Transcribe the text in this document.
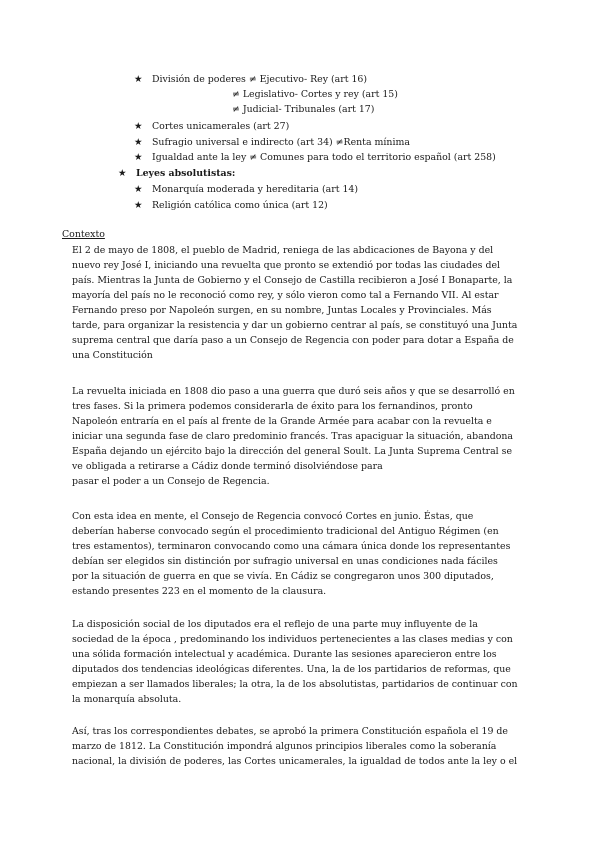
★ División de poderes ≠ Ejecutivo- Rey (art 16)
≠ Legislativo- Cortes y rey (art 15)
≠ Judicial- Tribunales (art 17)
★ Cortes unicamerales (art 27)
★ Sufragio universal e indirecto (art 34) ≠Renta mínima
★ Igualdad ante la ley ≠ Comunes para todo el territorio español (art 258)
★ Leyes absolutistas:
★ Monarquía moderada y hereditaria (art 14)
★ Religión católica como única (art 12)
Contexto
El 2 de mayo de 1808, el pueblo de Madrid, reniega de las abdicaciones de Bayona y del
nuevo rey José I, iniciando una revuelta que pronto se extendió por todas las ciudades del
país. Mientras la Junta de Gobierno y el Consejo de Castilla recibieron a José I Bonaparte, la
mayoría del país no le reconoció como rey, y sólo vieron como tal a Fernando VII. Al estar
Fernando preso por Napoleón surgen, en su nombre, Juntas Locales y Provinciales. Más
tarde, para organizar la resistencia y dar un gobierno centrar al país, se constituyó una Junta
suprema central que daría paso a un Consejo de Regencia con poder para dotar a España de
una Constitución
La revuelta iniciada en 1808 dio paso a una guerra que duró seis años y que se desarrolló en
tres fases. Si la primera podemos considerarla de éxito para los fernandinos, pronto
Napoleón entraría en el país al frente de la Grande Armée para acabar con la revuelta e
iniciar una segunda fase de claro predominio francés. Tras apaciguar la situación, abandona
España dejando un ejército bajo la dirección del general Soult. La Junta Suprema Central se
ve obligada a retirarse a Cádiz donde terminó disolviéndose para
pasar el poder a un Consejo de Regencia.
Con esta idea en mente, el Consejo de Regencia convocó Cortes en junio. Éstas, que
deberían haberse convocado según el procedimiento tradicional del Antiguo Régimen (en
tres estamentos), terminaron convocando como una cámara única donde los representantes
debían ser elegidos sin distinción por sufragio universal en unas condiciones nada fáciles
por la situación de guerra en que se vivía. En Cádiz se congregaron unos 300 diputados,
estando presentes 223 en el momento de la clausura.
La disposición social de los diputados era el reflejo de una parte muy influyente de la
sociedad de la época , predominando los individuos pertenecientes a las clases medias y con
una sólida formación intelectual y académica. Durante las sesiones aparecieron entre los
diputados dos tendencias ideológicas diferentes. Una, la de los partidarios de reformas, que
empiezan a ser llamados liberales; la otra, la de los absolutistas, partidarios de continuar con
la monarquía absoluta.
Así, tras los correspondientes debates, se aprobó la primera Constitución española el 19 de
marzo de 1812. La Constitución impondrá algunos principios liberales como la soberanía
nacional, la división de poderes, las Cortes unicamerales, la igualdad de todos ante la ley o el
